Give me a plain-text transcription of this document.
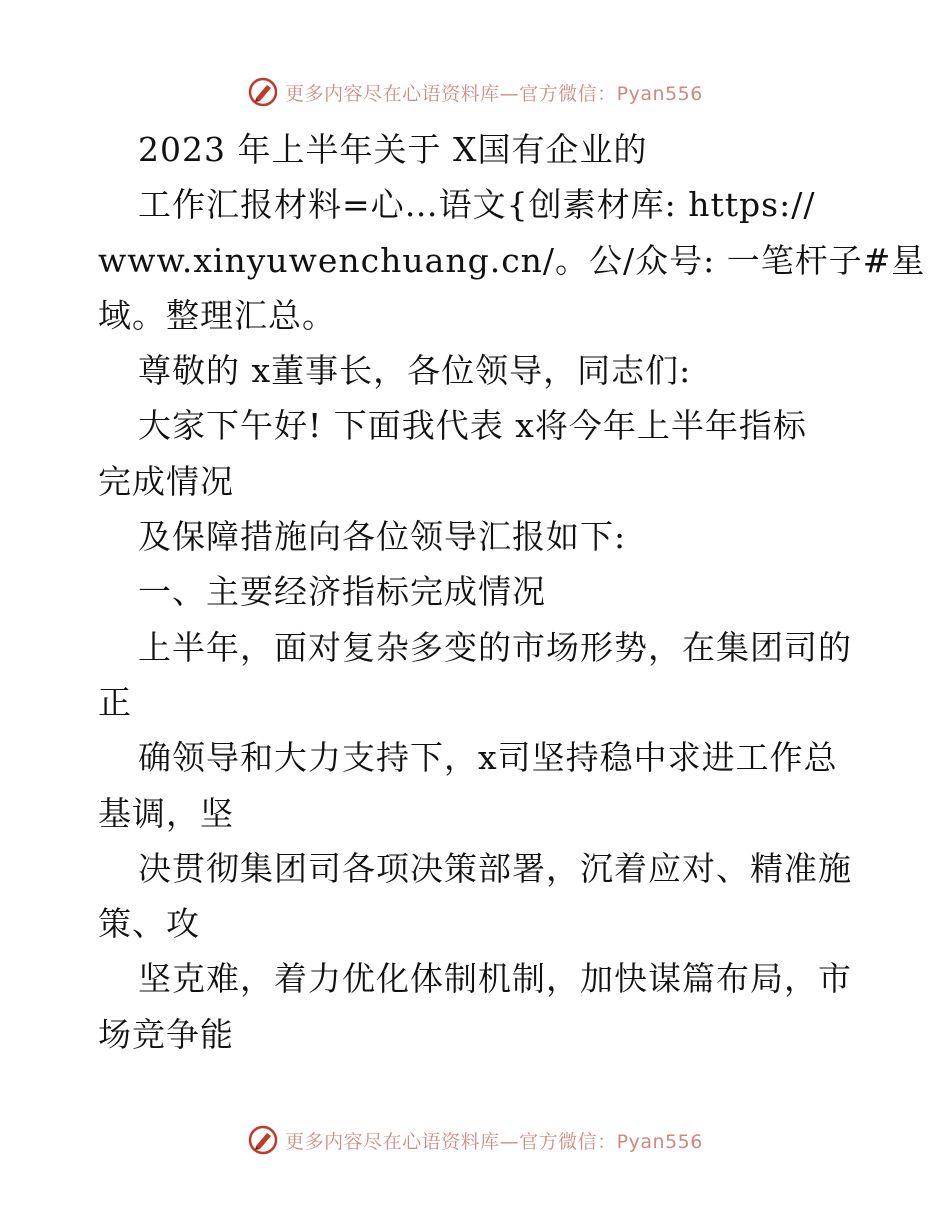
更多内容尽在心语资料库—官方微信：Pyan556
2023 年上半年关于 X国有企业的
工作汇报材料=心…语文{创素材库: https://
www.xinyuwenchuang.cn/。公/众号: 一笔杆子#星
域。整理汇总。
尊敬的 x董事长，各位领导，同志们:
大家下午好! 下面我代表 x将今年上半年指标
完成情况
及保障措施向各位领导汇报如下:
一、主要经济指标完成情况
上半年，面对复杂多变的市场形势，在集团司的
正
确领导和大力支持下，x司坚持稳中求进工作总
基调，坚
决贯彻集团司各项决策部署，沉着应对、精准施
策、攻
坚克难，着力优化体制机制，加快谋篇布局，市
场竞争能
更多内容尽在心语资料库—官方微信：Pyan556
